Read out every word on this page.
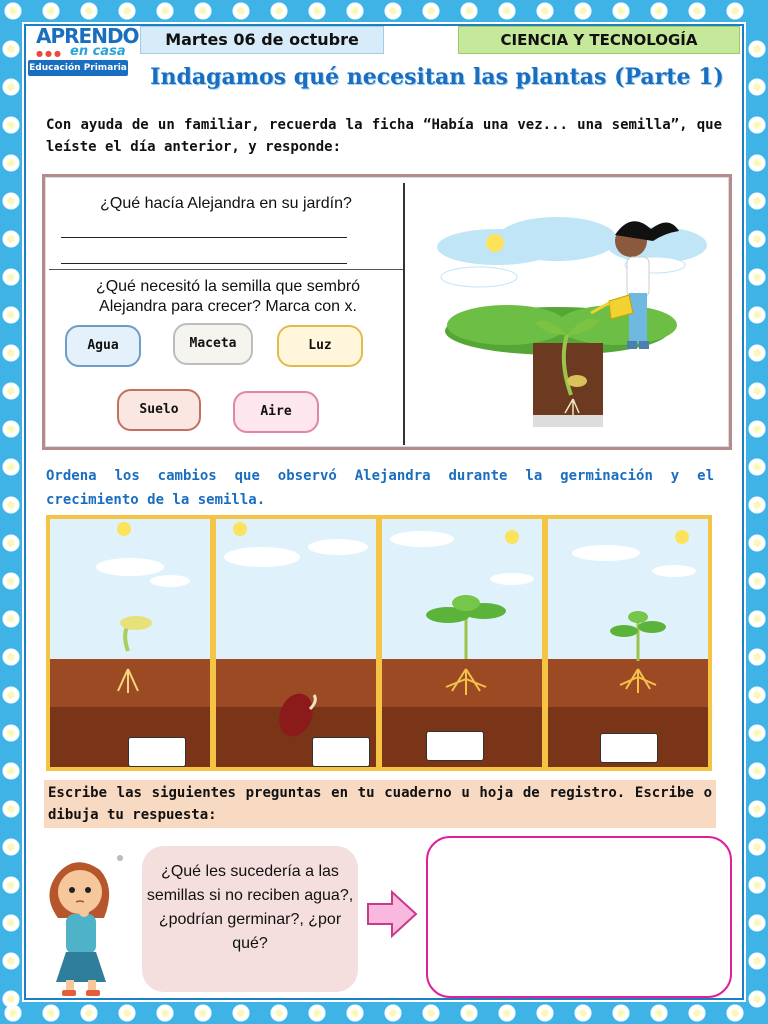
APRENDO
●●● en casa
Educación Primaria
Martes 06 de octubre	CIENCIA Y TECNOLOGÍA
Indagamos qué necesitan las plantas (Parte 1)
Con ayuda de un familiar, recuerda la ficha “Había una vez... una semilla”, que leíste el día anterior, y responde:
¿Qué hacía Alejandra en su jardín?
¿Qué necesitó la semilla que sembró Alejandra para crecer? Marca con x.
Agua	Maceta	Luz
Suelo	Aire
Ordena los cambios que observó Alejandra durante la germinación y el crecimiento de la semilla.
Escribe las siguientes preguntas en tu cuaderno u hoja de registro. Escribe o dibuja tu respuesta:
¿Qué les sucedería a las semillas si no reciben agua?, ¿podrían germinar?, ¿por qué?
